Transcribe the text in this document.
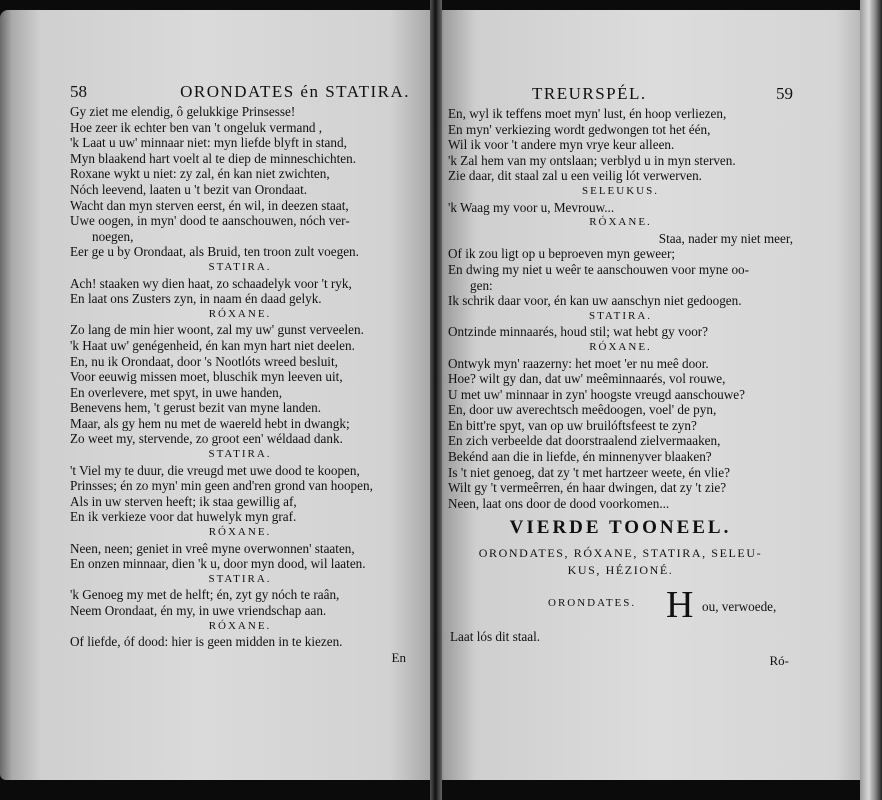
58	ORONDATES én STATIRA.
Gy ziet me elendig, ô gelukkige Prinsesse!
Hoe zeer ik echter ben van 't ongeluk vermand ,
'k Laat u uw' minnaar niet: myn liefde blyft in stand,
Myn blaakend hart voelt al te diep de minneschichten.
Roxane wykt u niet: zy zal, én kan niet zwichten,
Nóch leevend, laaten u 't bezit van Orondaat.
Wacht dan myn sterven eerst, én wil, in deezen staat,
Uwe oogen, in myn' dood te aanschouwen, nóch ver-
noegen,
Eer ge u by Orondaat, als Bruid, ten troon zult voegen.
STATIRA.
Ach! staaken wy dien haat, zo schaadelyk voor 't ryk,
En laat ons Zusters zyn, in naam én daad gelyk.
RÓXANE.
Zo lang de min hier woont, zal my uw' gunst verveelen.
'k Haat uw' genégenheid, én kan myn hart niet deelen.
En, nu ik Orondaat, door 's Nootlóts wreed besluit,
Voor eeuwig missen moet, bluschik myn leeven uit,
En overlevere, met spyt, in uwe handen,
Benevens hem, 't gerust bezit van myne landen.
Maar, als gy hem nu met de waereld hebt in dwangk;
Zo weet my, stervende, zo groot een' wéldaad dank.
STATIRA.
't Viel my te duur, die vreugd met uwe dood te koopen,
Prinsses; én zo myn' min geen and'ren grond van hoopen,
Als in uw sterven heeft; ik staa gewillig af,
En ik verkieze voor dat huwelyk myn graf.
RÓXANE.
Neen, neen; geniet in vreê myne overwonnen' staaten,
En onzen minnaar, dien 'k u, door myn dood, wil laaten.
STATIRA.
'k Genoeg my met de helft; én, zyt gy nóch te raân,
Neem Orondaat, én my, in uwe vriendschap aan.
RÓXANE.
Of liefde, óf dood: hier is geen midden in te kiezen.
En
TREURSPÉL.	59
En, wyl ik teffens moet myn' lust, én hoop verliezen,
En myn' verkiezing wordt gedwongen tot het één,
Wil ik voor 't andere myn vrye keur alleen.
'k Zal hem van my ontslaan; verblyd u in myn sterven.
Zie daar, dit staal zal u een veilig lót verwerven.
SELEUKUS.
'k Waag my voor u, Mevrouw...
RÓXANE.
Staa, nader my niet meer,
Of ik zou ligt op u beproeven myn geweer;
En dwing my niet u weêr te aanschouwen voor myne oo-
gen:
Ik schrik daar voor, én kan uw aanschyn niet gedoogen.
STATIRA.
Ontzinde minnaarés, houd stil; wat hebt gy voor?
RÓXANE.
Ontwyk myn' raazerny: het moet 'er nu meê door.
Hoe? wilt gy dan, dat uw' meêminnaarés, vol rouwe,
U met uw' minnaar in zyn' hoogste vreugd aanschouwe?
En, door uw averechtsch meêdoogen, voel' de pyn,
En bitt're spyt, van op uw bruilóftsfeest te zyn?
En zich verbeelde dat doorstraalend zielvermaaken,
Bekénd aan die in liefde, én minnenyver blaaken?
Is 't niet genoeg, dat zy 't met hartzeer weete, én vlie?
Wilt gy 't vermeêrren, én haar dwingen, dat zy 't zie?
Neen, laat ons door de dood voorkomen...
VIERDE TOONEEL.
ORONDATES, RÓXANE, STATIRA, SELEU-
KUS, HÉZIONÉ.
ORONDATES. H ou, verwoede,
Laat lós dit staal.
Ró-
